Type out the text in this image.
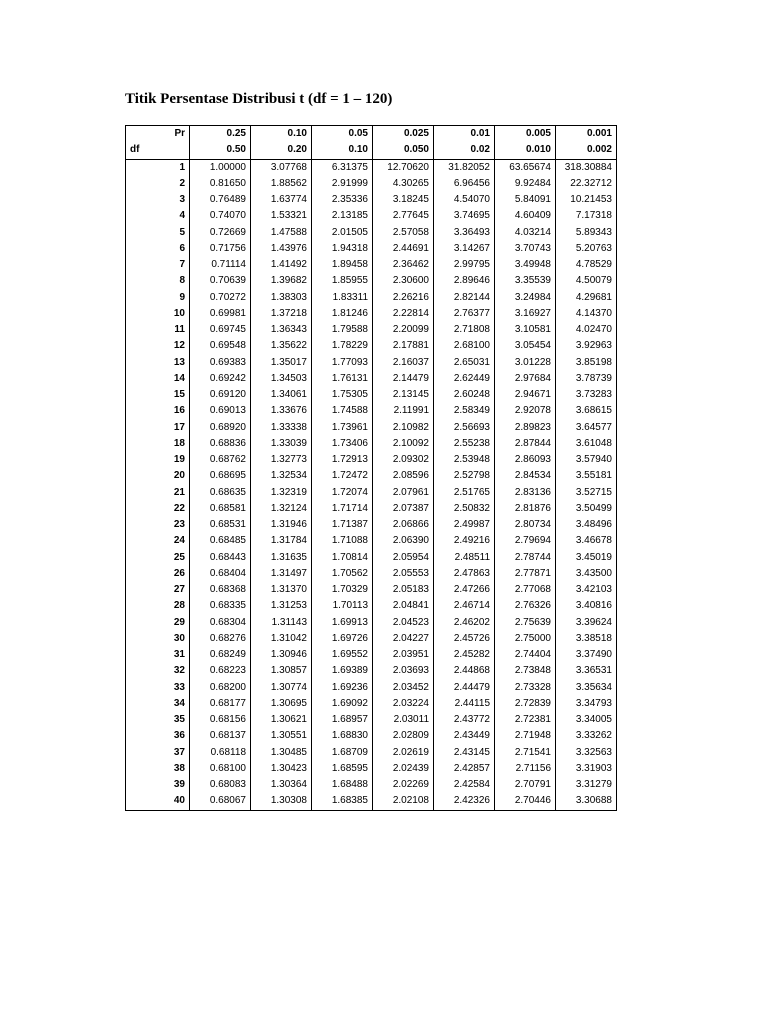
Titik Persentase Distribusi t (df = 1 – 120)
Pr	0.25	0.10	0.05	0.025	0.01	0.005	0.001
df	0.50	0.20	0.10	0.050	0.02	0.010	0.002
1	1.00000	3.07768	6.31375	12.70620	31.82052	63.65674	318.30884
2	0.81650	1.88562	2.91999	4.30265	6.96456	9.92484	22.32712
3	0.76489	1.63774	2.35336	3.18245	4.54070	5.84091	10.21453
4	0.74070	1.53321	2.13185	2.77645	3.74695	4.60409	7.17318
5	0.72669	1.47588	2.01505	2.57058	3.36493	4.03214	5.89343
6	0.71756	1.43976	1.94318	2.44691	3.14267	3.70743	5.20763
7	0.71114	1.41492	1.89458	2.36462	2.99795	3.49948	4.78529
8	0.70639	1.39682	1.85955	2.30600	2.89646	3.35539	4.50079
9	0.70272	1.38303	1.83311	2.26216	2.82144	3.24984	4.29681
10	0.69981	1.37218	1.81246	2.22814	2.76377	3.16927	4.14370
11	0.69745	1.36343	1.79588	2.20099	2.71808	3.10581	4.02470
12	0.69548	1.35622	1.78229	2.17881	2.68100	3.05454	3.92963
13	0.69383	1.35017	1.77093	2.16037	2.65031	3.01228	3.85198
14	0.69242	1.34503	1.76131	2.14479	2.62449	2.97684	3.78739
15	0.69120	1.34061	1.75305	2.13145	2.60248	2.94671	3.73283
16	0.69013	1.33676	1.74588	2.11991	2.58349	2.92078	3.68615
17	0.68920	1.33338	1.73961	2.10982	2.56693	2.89823	3.64577
18	0.68836	1.33039	1.73406	2.10092	2.55238	2.87844	3.61048
19	0.68762	1.32773	1.72913	2.09302	2.53948	2.86093	3.57940
20	0.68695	1.32534	1.72472	2.08596	2.52798	2.84534	3.55181
21	0.68635	1.32319	1.72074	2.07961	2.51765	2.83136	3.52715
22	0.68581	1.32124	1.71714	2.07387	2.50832	2.81876	3.50499
23	0.68531	1.31946	1.71387	2.06866	2.49987	2.80734	3.48496
24	0.68485	1.31784	1.71088	2.06390	2.49216	2.79694	3.46678
25	0.68443	1.31635	1.70814	2.05954	2.48511	2.78744	3.45019
26	0.68404	1.31497	1.70562	2.05553	2.47863	2.77871	3.43500
27	0.68368	1.31370	1.70329	2.05183	2.47266	2.77068	3.42103
28	0.68335	1.31253	1.70113	2.04841	2.46714	2.76326	3.40816
29	0.68304	1.31143	1.69913	2.04523	2.46202	2.75639	3.39624
30	0.68276	1.31042	1.69726	2.04227	2.45726	2.75000	3.38518
31	0.68249	1.30946	1.69552	2.03951	2.45282	2.74404	3.37490
32	0.68223	1.30857	1.69389	2.03693	2.44868	2.73848	3.36531
33	0.68200	1.30774	1.69236	2.03452	2.44479	2.73328	3.35634
34	0.68177	1.30695	1.69092	2.03224	2.44115	2.72839	3.34793
35	0.68156	1.30621	1.68957	2.03011	2.43772	2.72381	3.34005
36	0.68137	1.30551	1.68830	2.02809	2.43449	2.71948	3.33262
37	0.68118	1.30485	1.68709	2.02619	2.43145	2.71541	3.32563
38	0.68100	1.30423	1.68595	2.02439	2.42857	2.71156	3.31903
39	0.68083	1.30364	1.68488	2.02269	2.42584	2.70791	3.31279
40	0.68067	1.30308	1.68385	2.02108	2.42326	2.70446	3.30688
